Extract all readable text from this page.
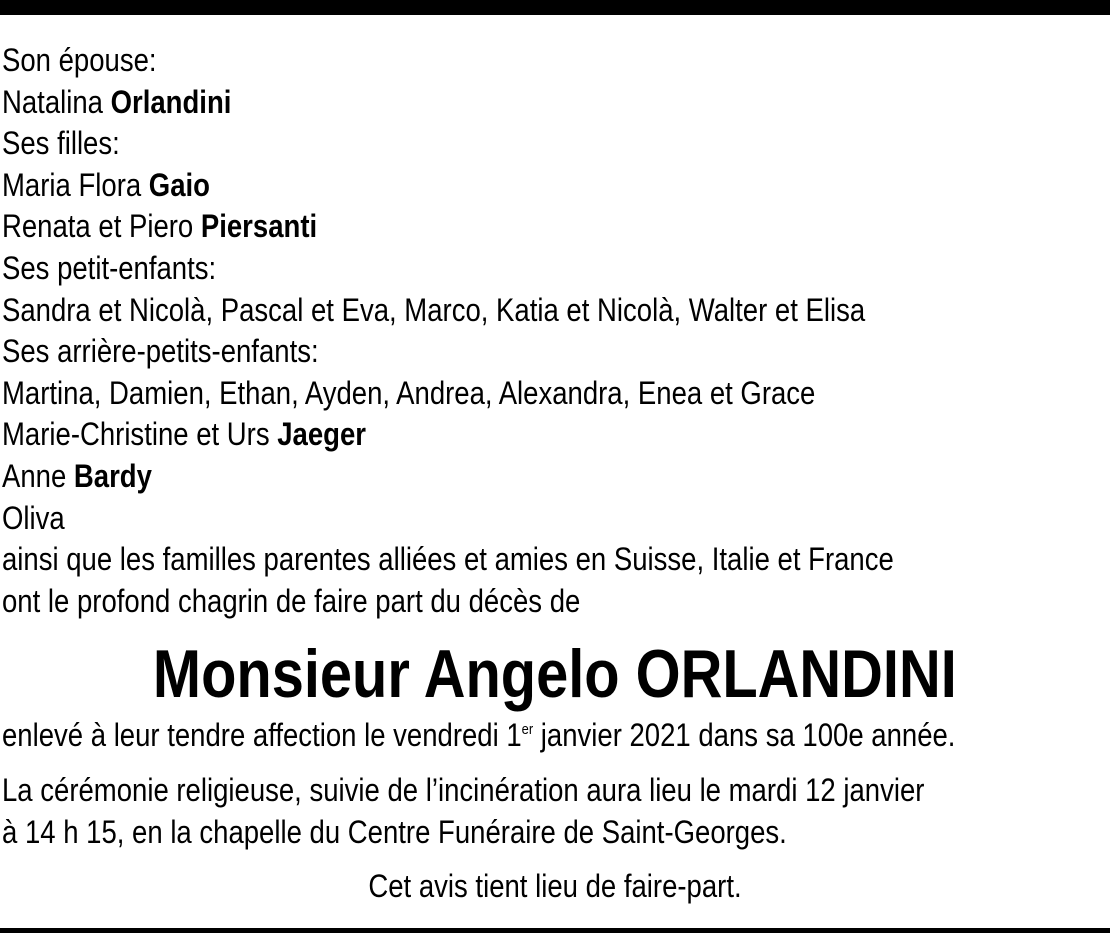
Son épouse:
Natalina Orlandini
Ses filles:
Maria Flora Gaio
Renata et Piero Piersanti
Ses petit-enfants:
Sandra et Nicolà, Pascal et Eva, Marco, Katia et Nicolà, Walter et Elisa
Ses arrière-petits-enfants:
Martina, Damien, Ethan, Ayden, Andrea, Alexandra, Enea et Grace
Marie-Christine et Urs Jaeger
Anne Bardy
Oliva
ainsi que les familles parentes alliées et amies en Suisse, Italie et France
ont le profond chagrin de faire part du décès de
Monsieur Angelo ORLANDINI
enlevé à leur tendre affection le vendredi 1er janvier 2021 dans sa 100e année.
La cérémonie religieuse, suivie de l’incinération aura lieu le mardi 12 janvier
à 14 h 15, en la chapelle du Centre Funéraire de Saint-Georges.
Cet avis tient lieu de faire-part.
